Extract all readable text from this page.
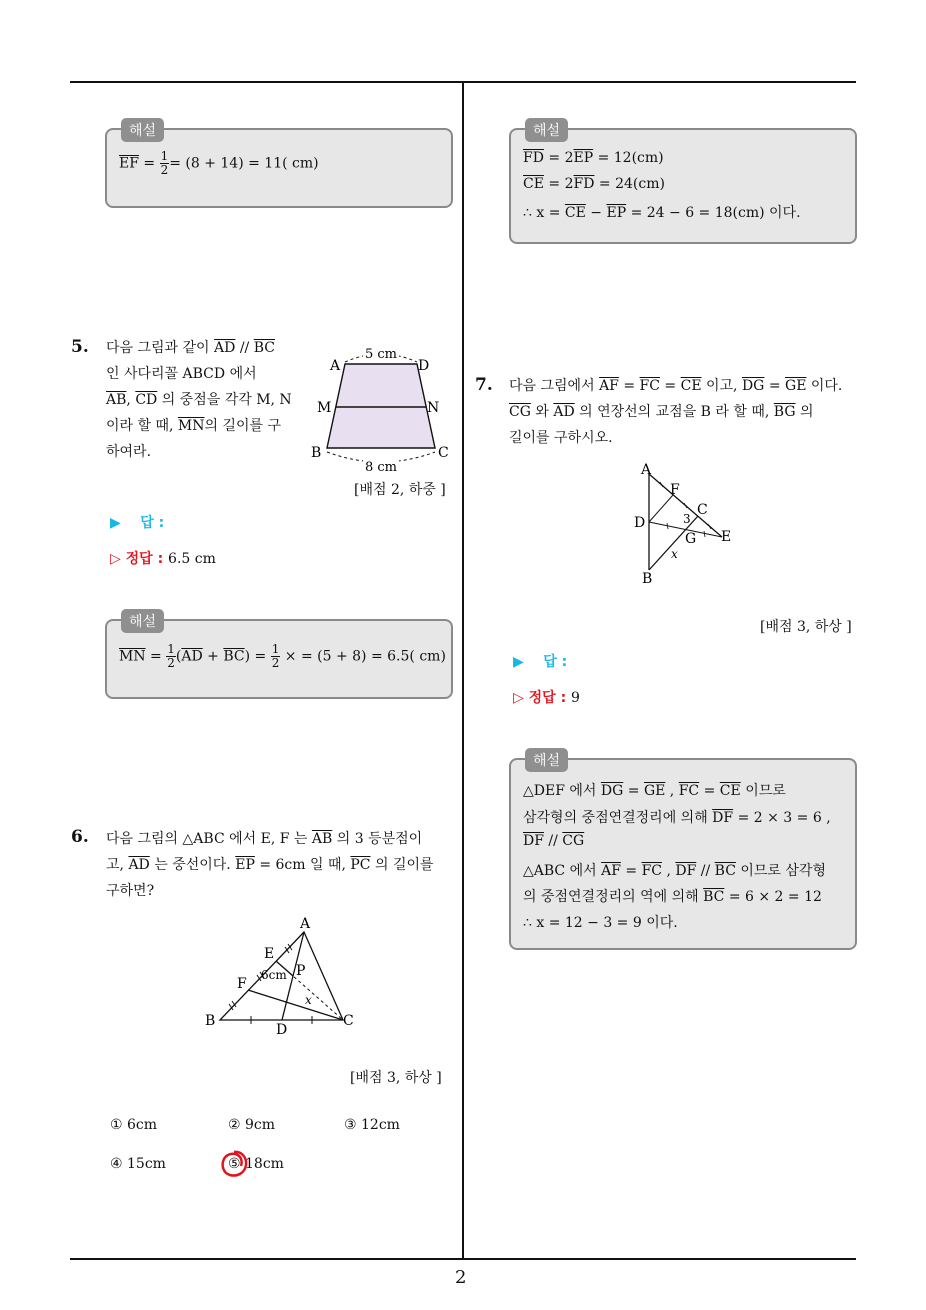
2
해설
$\overline{EF} = \frac{1}{2} = (8 + 14) = 11$( cm)
5. 다음 그림과 같이 $\overline{AD} // \overline{BC}$
인 사다리꼴 ABCD 에서
$\overline{AB}$, $\overline{CD}$ 의 중점을 각각 M, N
이라 할 때, $\overline{MN}$의 길이를 구
하여라.
5 cm
8 cm
A	D
M	N
B	C
[배점 2, 하중 ]
▶    답 :
▷ 정답 : 6.5 cm
해설
$\overline{MN} = \frac{1}{2} (\overline{AD} + \overline{BC}) = \frac{1}{2}$ × = (5 + 8) = 6.5( cm)
6. 다음 그림의 △ABC 에서 E, F 는 $\overline{AB}$ 의 3 등분점이
고, $\overline{AD}$ 는 중선이다. $\overline{EP} = 6cm$ 일 때, $\overline{PC}$ 의 길이를
구하면?
A
E
P
F
6cm
x
B	C
D
[배점 3, 하상 ]
① 6cm	② 9cm	③ 12cm
④ 15cm	⑤ 18cm
해설
$\overline{FD} = 2\overline{EP} = 12(cm)$
$\overline{CE} = 2\overline{FD} = 24(cm)$
∴ $x = \overline{CE} - \overline{EP} = 24 - 6 = 18(cm)$ 이다.
7. 다음 그림에서 $\overline{AF} = \overline{FC} = \overline{CE}$ 이고, $\overline{DG} = \overline{GE}$ 이다.
$\overline{CG}$ 와 $\overline{AD}$ 의 연장선의 교점을 B 라 할 때, $\overline{BG}$ 의
길이를 구하시오.
A
F
C
3
D
E
G
x
B
[배점 3, 하상 ]
▶    답 :
▷ 정답 : 9
해설
△DEF 에서 $\overline{DG} = \overline{GE}$ , $\overline{FC} = \overline{CE}$ 이므로
삼각형의 중점연결정리에 의해 $\overline{DF} = 2 \times 3 = 6$ ,
$\overline{DF} // \overline{CG}$
△ABC 에서 $\overline{AF} = \overline{FC}$ , $\overline{DF} // \overline{BC}$ 이므로 삼각형
의 중점연결정리의 역에 의해 $\overline{BC} = 6 \times 2 = 12$
∴ x = 12 − 3 = 9 이다.
